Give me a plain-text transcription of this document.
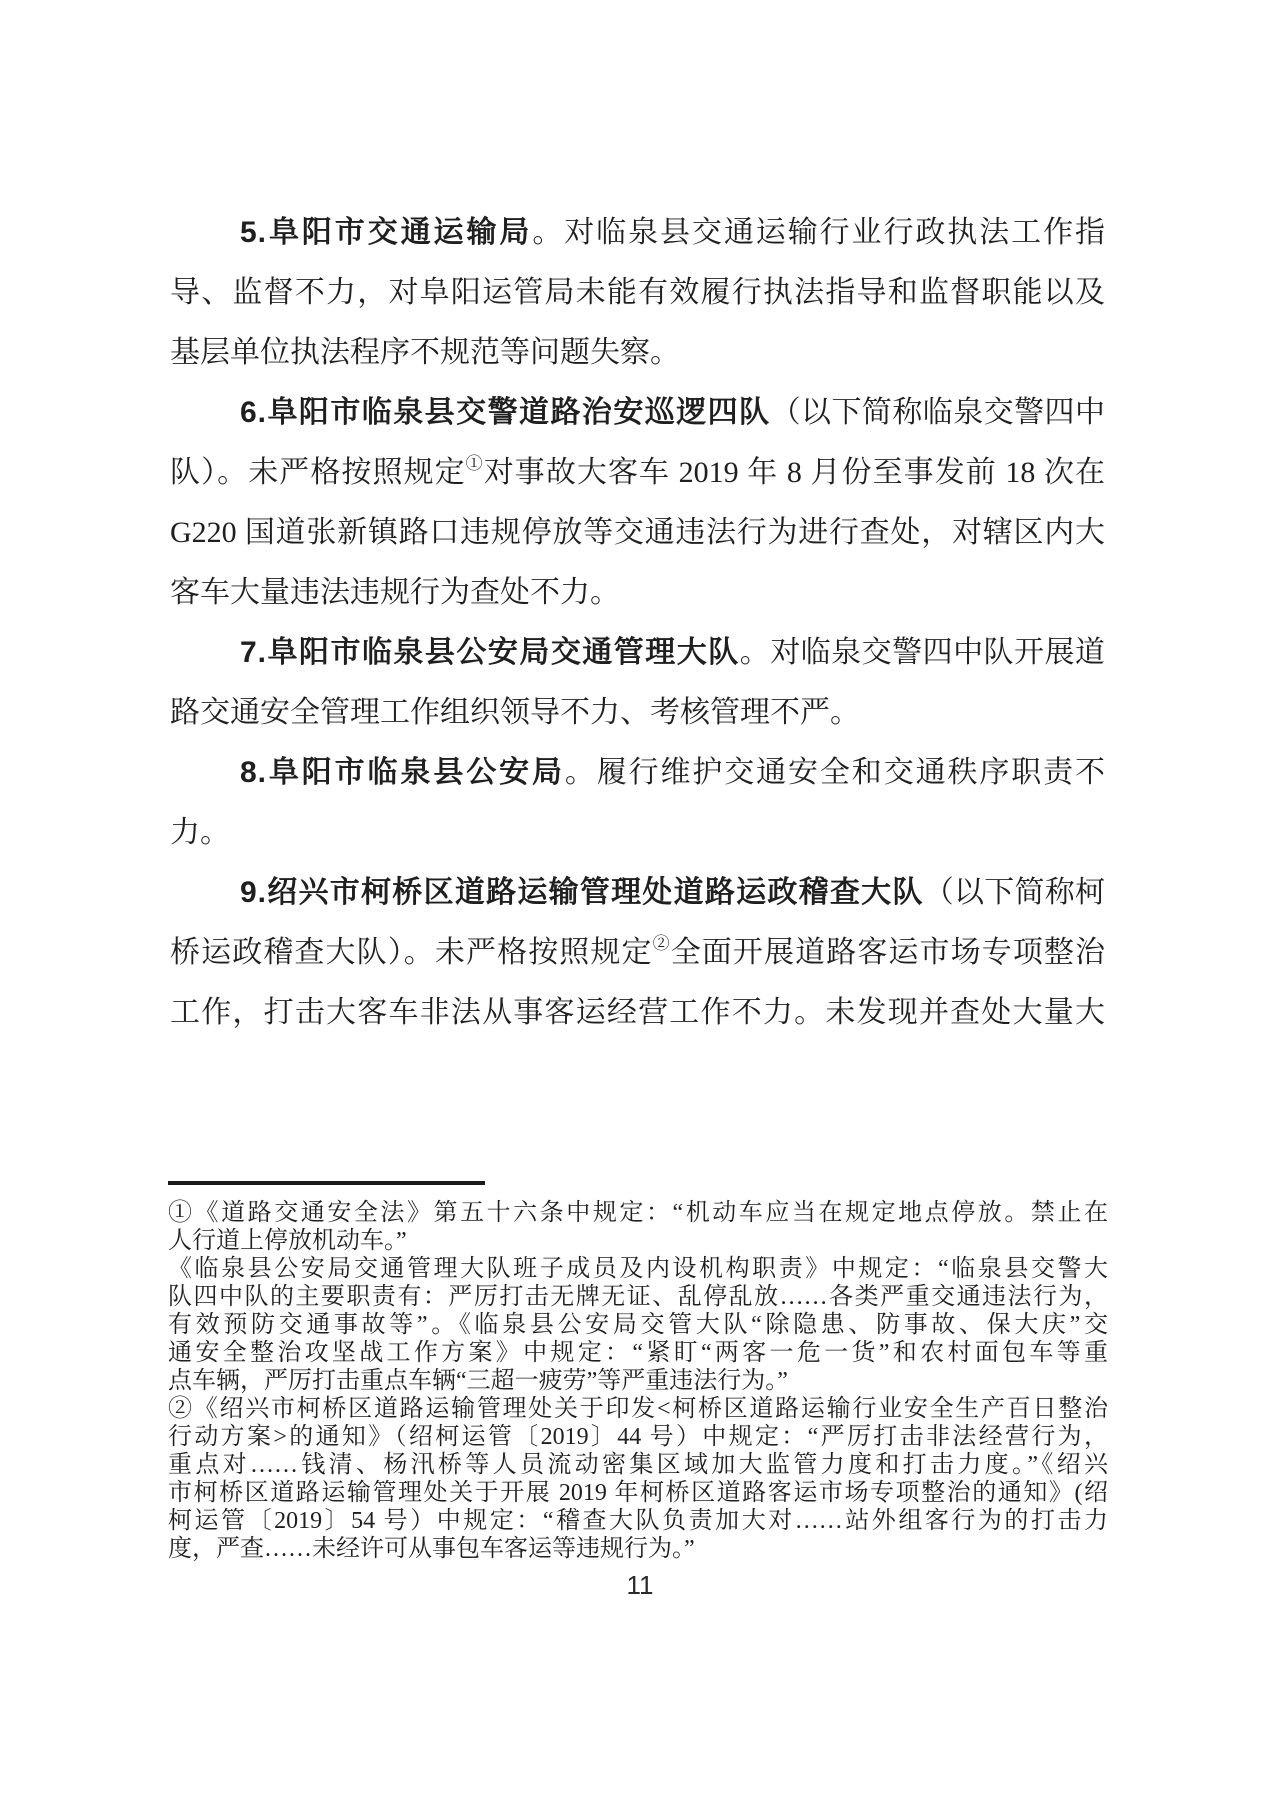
5.阜阳市交通运输局。对临泉县交通运输行业行政执法工作指
导、监督不力，对阜阳运管局未能有效履行执法指导和监督职能以及
基层单位执法程序不规范等问题失察。
6.阜阳市临泉县交警道路治安巡逻四队（以下简称临泉交警四中
队）。未严格按照规定①对事故大客车 2019 年 8 月份至事发前 18 次在
G220 国道张新镇路口违规停放等交通违法行为进行查处，对辖区内大
客车大量违法违规行为查处不力。
7.阜阳市临泉县公安局交通管理大队。对临泉交警四中队开展道
路交通安全管理工作组织领导不力、考核管理不严。
8.阜阳市临泉县公安局。履行维护交通安全和交通秩序职责不
力。
9.绍兴市柯桥区道路运输管理处道路运政稽查大队（以下简称柯
桥运政稽查大队）。未严格按照规定②全面开展道路客运市场专项整治
工作，打击大客车非法从事客运经营工作不力。未发现并查处大量大
①《道路交通安全法》第五十六条中规定：“机动车应当在规定地点停放。禁止在
人行道上停放机动车。”
《临泉县公安局交通管理大队班子成员及内设机构职责》中规定：“临泉县交警大
队四中队的主要职责有：严厉打击无牌无证、乱停乱放……各类严重交通违法行为，
有效预防交通事故等”。《临泉县公安局交管大队“除隐患、防事故、保大庆”交
通安全整治攻坚战工作方案》中规定：“紧盯“两客一危一货”和农村面包车等重
点车辆，严厉打击重点车辆“三超一疲劳”等严重违法行为。”
②《绍兴市柯桥区道路运输管理处关于印发<柯桥区道路运输行业安全生产百日整治
行动方案>的通知》（绍柯运管〔2019〕44 号）中规定：“严厉打击非法经营行为，
重点对……钱清、杨汛桥等人员流动密集区域加大监管力度和打击力度。”《绍兴
市柯桥区道路运输管理处关于开展 2019 年柯桥区道路客运市场专项整治的通知》(绍
柯运管〔2019〕54 号）中规定：“稽查大队负责加大对……站外组客行为的打击力
度，严查……未经许可从事包车客运等违规行为。”
11
